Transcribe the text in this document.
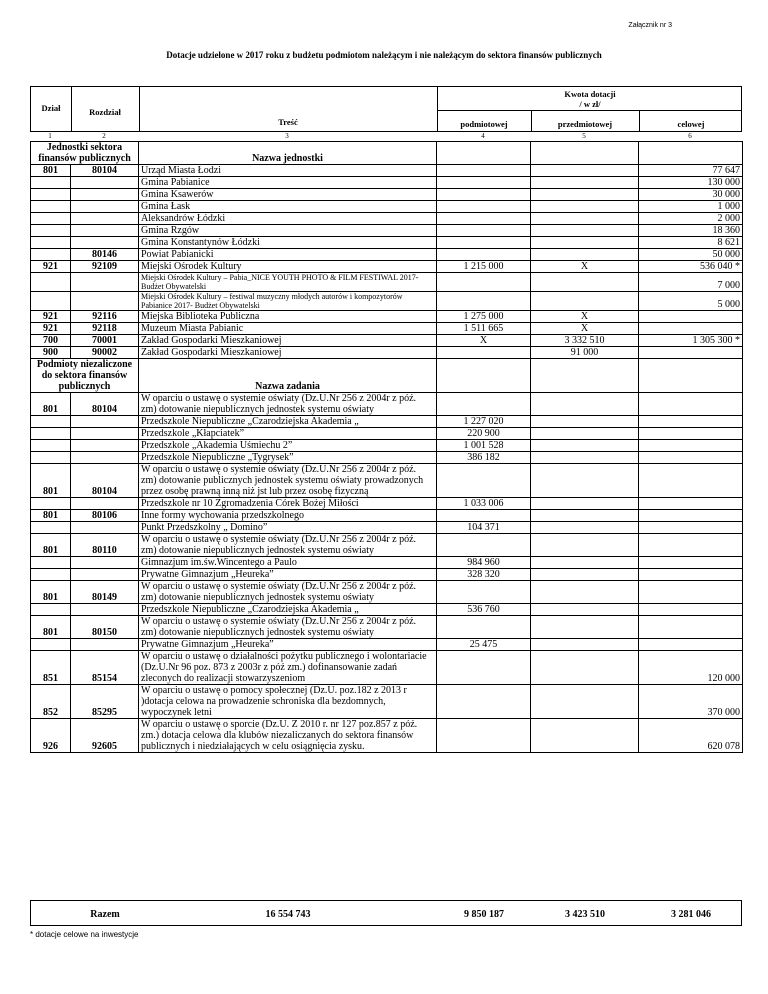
Załącznik nr 3
Dotacje udzielone w 2017 roku z budżetu podmiotom należącym i nie należącym do sektora finansów publicznych
Dział	Rozdział
Treść
Kwota dotacji
/ w zł/
podmiotowej	przedmiotowej	celowej
1	2	3	4	5	6
Jednostki sektora finansów publicznych		Nazwa jednostki			
801	80104	Urząd Miasta Łodzi			77 647
		Gmina Pabianice			130 000
		Gmina Ksawerów			30 000
		Gmina Łask			1 000
		Aleksandrów Łódzki			2 000
		Gmina Rzgów			18 360
		Gmina Konstantynów Łódzki			8 621
	80146	Powiat Pabianicki			50 000
921	92109	Miejski Ośrodek Kultury	1 215 000	X	536 040 *
		Miejski Ośrodek Kultury – Pabia_NICE YOUTH PHOTO & FILM FESTIWAL 2017- Budżet Obywatelski			7 000
		Miejski Ośrodek Kultury – festiwal muzyczny młodych autorów i kompozytorów Pabianice 2017- Budżet Obywatelski			5 000
921	92116	Miejska Biblioteka Publiczna	1 275 000	X	
921	92118	Muzeum Miasta Pabianic	1 511 665	X	
700	70001	Zakład Gospodarki Mieszkaniowej	X	3 332 510	1 305 300 *
900	90002	Zakład Gospodarki Mieszkaniowej		91 000	
Podmioty niezaliczone do sektora finansów publicznych		Nazwa zadania			
801	80104	W oparciu o ustawę o systemie oświaty (Dz.U.Nr 256 z 2004r z póź. zm) dotowanie niepublicznych jednostek systemu oświaty			
		Przedszkole Niepubliczne „Czarodziejska Akademia „	1 227 020		
		Przedszkole „Kłapciatek”	220 900		
		Przedszkole „Akademia Uśmiechu 2”	1 001 528		
		Przedszkole Niepubliczne „Tygrysek”	386 182		
801	80104	W oparciu o ustawę o systemie oświaty (Dz.U.Nr 256 z 2004r z póź. zm) dotowanie publicznych jednostek systemu oświaty prowadzonych przez osobę prawną inną niż jst lub przez osobę fizyczną			
		Przedszkole nr 10 Zgromadzenia Córek Bożej Miłości	1 033 006		
801	80106	Inne formy wychowania przedszkolnego			
		Punkt Przedszkolny „ Domino”	104 371		
801	80110	W oparciu o ustawę o systemie oświaty (Dz.U.Nr 256 z 2004r z póź. zm) dotowanie niepublicznych jednostek systemu oświaty			
		Gimnazjum im.św.Wincentego a Paulo	984 960		
		Prywatne Gimnazjum „Heureka”	328 320		
801	80149	W oparciu o ustawę o systemie oświaty (Dz.U.Nr 256 z 2004r z póź. zm) dotowanie niepublicznych jednostek systemu oświaty			
		Przedszkole Niepubliczne „Czarodziejska Akademia „	536 760		
801	80150	W oparciu o ustawę o systemie oświaty (Dz.U.Nr 256 z 2004r z póź. zm) dotowanie niepublicznych jednostek systemu oświaty			
		Prywatne Gimnazjum „Heureka”	25 475		
851	85154	W oparciu o ustawę o działalności pożytku publicznego i wolontariacie (Dz.U.Nr 96 poz. 873 z 2003r z póź zm.) dofinansowanie zadań zleconych do realizacji stowarzyszeniom			120 000
852	85295	W oparciu o ustawę o pomocy społecznej (Dz.U. poz.182 z 2013 r )dotacja celowa na prowadzenie schroniska dla bezdomnych, wypoczynek letni			370 000
926	92605	W oparciu o ustawę o sporcie (Dz.U. Z 2010 r. nr 127 poz.857 z póź. zm.) dotacja celowa dla klubów niezaliczanych do sektora finansów publicznych i niedziałających w celu osiągnięcia zysku.			620 078
Razem	16 554 743	9 850 187	3 423 510	3 281 046
* dotacje celowe na inwestycje
